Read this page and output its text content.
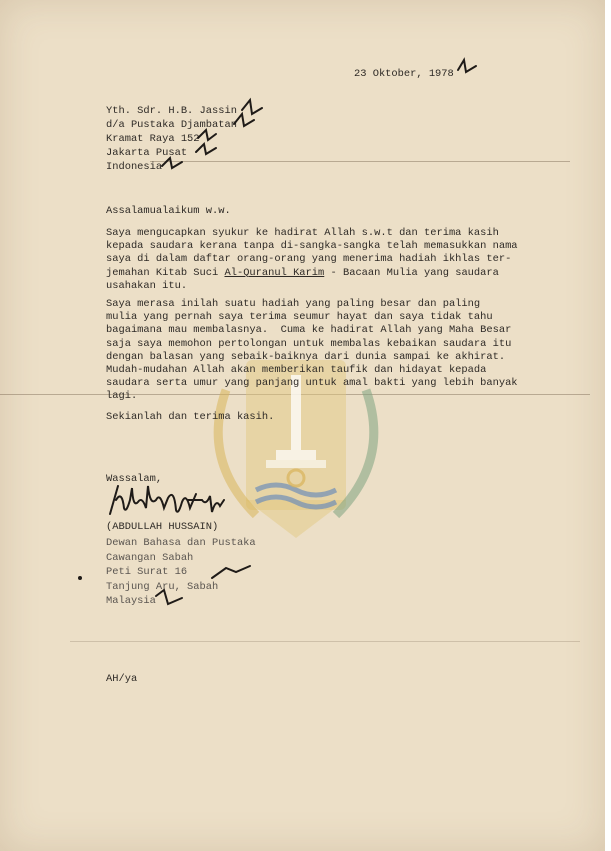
23 Oktober, 1978
Yth. Sdr. H.B. Jassin
d/a Pustaka Djambatan
Kramat Raya 152
Jakarta Pusat
Indonesia
Assalamualaikum w.w.
Saya mengucapkan syukur ke hadirat Allah s.w.t dan terima kasih
kepada saudara kerana tanpa di-sangka-sangka telah memasukkan nama
saya di dalam daftar orang-orang yang menerima hadiah ikhlas ter-
jemahan Kitab Suci Al-Quranul Karim - Bacaan Mulia yang saudara
usahakan itu.
Saya merasa inilah suatu hadiah yang paling besar dan paling
mulia yang pernah saya terima seumur hayat dan saya tidak tahu
bagaimana mau membalasnya.  Cuma ke hadirat Allah yang Maha Besar
saja saya memohon pertolongan untuk membalas kebaikan saudara itu
dengan balasan yang sebaik-baiknya dari dunia sampai ke akhirat.
Mudah-mudahan Allah akan memberikan taufik dan hidayat kepada
saudara serta umur yang panjang untuk amal bakti yang lebih banyak
lagi.
Sekianlah dan terima kasih.
Wassalam,
(ABDULLAH HUSSAIN)
Dewan Bahasa dan Pustaka
Cawangan Sabah
Peti Surat 16
Tanjung Aru, Sabah
Malaysia
AH/ya
